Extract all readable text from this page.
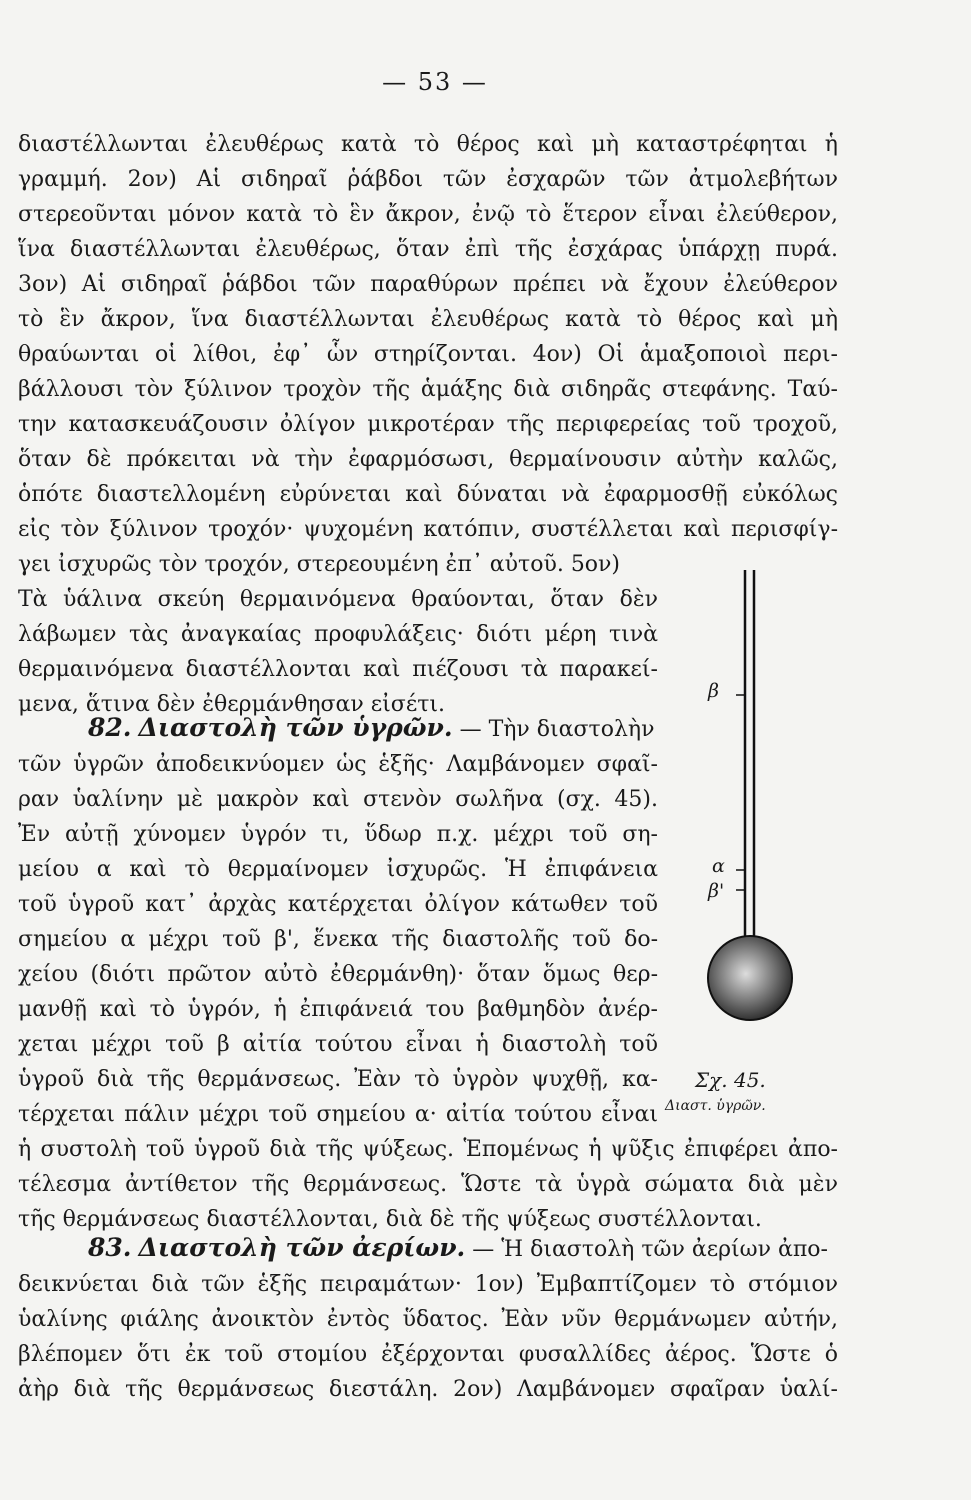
— 53 —
διαστέλλωνται ἐλευθέρως κατὰ τὸ θέρος καὶ μὴ καταστρέφηται ἡ
γραμμή. 2ον) Αἱ σιδηραῖ ῥάβδοι τῶν ἐσχαρῶν τῶν ἀτμολεβήτων
στερεοῦνται μόνον κατὰ τὸ ἓν ἄκρον, ἐνῷ τὸ ἕτερον εἶναι ἐλεύθερον,
ἵνα διαστέλλωνται ἐλευθέρως, ὅταν ἐπὶ τῆς ἐσχάρας ὑπάρχῃ πυρά.
3ον) Αἱ σιδηραῖ ῥάβδοι τῶν παραθύρων πρέπει νὰ ἔχουν ἐλεύθερον
τὸ ἓν ἄκρον, ἵνα διαστέλλωνται ἐλευθέρως κατὰ τὸ θέρος καὶ μὴ
θραύωνται οἱ λίθοι, ἐφ᾽ ὧν στηρίζονται. 4ον) Οἱ ἁμαξοποιοὶ περι-
βάλλουσι τὸν ξύλινον τροχὸν τῆς ἁμάξης διὰ σιδηρᾶς στεφάνης. Ταύ-
την κατασκευάζουσιν ὀλίγον μικροτέραν τῆς περιφερείας τοῦ τροχοῦ,
ὅταν δὲ πρόκειται νὰ τὴν ἐφαρμόσωσι, θερμαίνουσιν αὐτὴν καλῶς,
ὁπότε διαστελλομένη εὐρύνεται καὶ δύναται νὰ ἐφαρμοσθῇ εὐκόλως
εἰς τὸν ξύλινον τροχόν· ψυχομένη κατόπιν, συστέλλεται καὶ περισφίγ-
γει ἰσχυρῶς τὸν τροχόν, στερεουμένη ἐπ᾽ αὐτοῦ. 5ον)
Τὰ ὑάλινα σκεύη θερμαινόμενα θραύονται, ὅταν δὲν
λάβωμεν τὰς ἀναγκαίας προφυλάξεις· διότι μέρη τινὰ
θερμαινόμενα διαστέλλονται καὶ πιέζουσι τὰ παρακεί-
μενα, ἅτινα δὲν ἐθερμάνθησαν εἰσέτι.
82. Διαστολὴ τῶν ὑγρῶν. — Τὴν διαστολὴν
τῶν ὑγρῶν ἀποδεικνύομεν ὡς ἑξῆς· Λαμβάνομεν σφαῖ-
ραν ὑαλίνην μὲ μακρὸν καὶ στενὸν σωλῆνα (σχ. 45).
Ἐν αὐτῇ χύνομεν ὑγρόν τι, ὕδωρ π.χ. μέχρι τοῦ ση-
μείου α καὶ τὸ θερμαίνομεν ἰσχυρῶς. Ἡ ἐπιφάνεια
τοῦ ὑγροῦ κατ᾽ ἀρχὰς κατέρχεται ὀλίγον κάτωθεν τοῦ
σημείου α μέχρι τοῦ β', ἕνεκα τῆς διαστολῆς τοῦ δο-
χείου (διότι πρῶτον αὐτὸ ἐθερμάνθη)· ὅταν ὅμως θερ-
μανθῇ καὶ τὸ ὑγρόν, ἡ ἐπιφάνειά του βαθμηδὸν ἀνέρ-
χεται μέχρι τοῦ β αἰτία τούτου εἶναι ἡ διαστολὴ τοῦ
ὑγροῦ διὰ τῆς θερμάνσεως. Ἐὰν τὸ ὑγρὸν ψυχθῇ, κα-
τέρχεται πάλιν μέχρι τοῦ σημείου α· αἰτία τούτου εἶναι
ἡ συστολὴ τοῦ ὑγροῦ διὰ τῆς ψύξεως. Ἑπομένως ἡ ψῦξις ἐπιφέρει ἀπο-
τέλεσμα ἀντίθετον τῆς θερμάνσεως. Ὥστε τὰ ὑγρὰ σώματα διὰ μὲν
τῆς θερμάνσεως διαστέλλονται, διὰ δὲ τῆς ψύξεως συστέλλονται.
83. Διαστολὴ τῶν ἀερίων. — Ἡ διαστολὴ τῶν ἀερίων ἀπο-
δεικνύεται διὰ τῶν ἑξῆς πειραμάτων· 1ον) Ἐμβαπτίζομεν τὸ στόμιον
ὑαλίνης φιάλης ἀνοικτὸν ἐντὸς ὕδατος. Ἐὰν νῦν θερμάνωμεν αὐτήν,
βλέπομεν ὅτι ἐκ τοῦ στομίου ἐξέρχονται φυσαλλίδες ἀέρος. Ὥστε ὁ
ἀὴρ διὰ τῆς θερμάνσεως διεστάλη. 2ον) Λαμβάνομεν σφαῖραν ὑαλί-
β
α
β'
Σχ. 45.
Διαστ. ὑγρῶν.
